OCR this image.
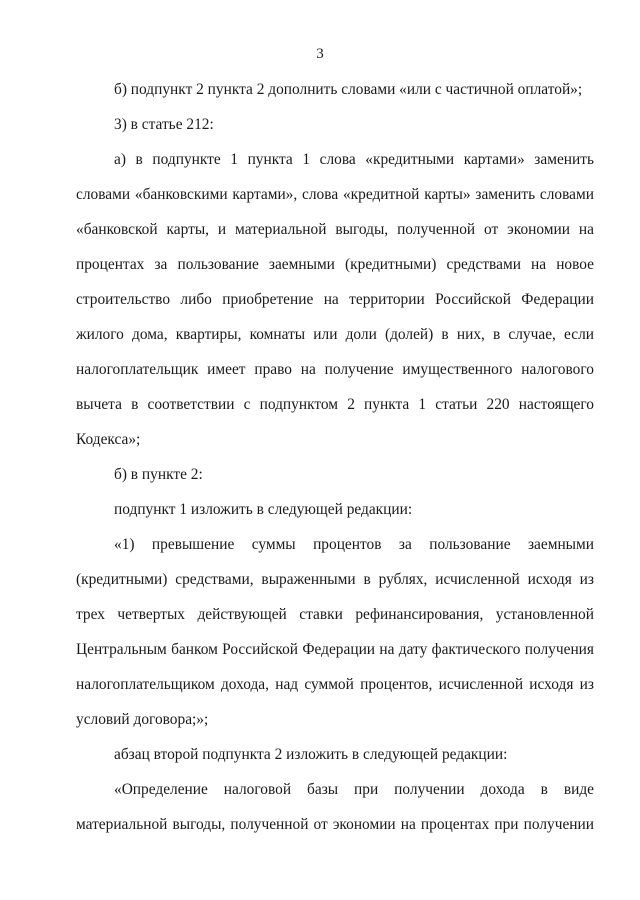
3

б) подпункт 2 пункта 2 дополнить словами «или с частичной оплатой»;

3) в статье 212:

а) в подпункте 1 пункта 1 слова «кредитными картами» заменить словами «банковскими картами», слова «кредитной карты» заменить словами «банковской карты, и материальной выгоды, полученной от экономии на процентах за пользование заемными (кредитными) средствами на новое строительство либо приобретение на территории Российской Федерации жилого дома, квартиры, комнаты или доли (долей) в них, в случае, если налогоплательщик имеет право на получение имущественного налогового вычета в соответствии с подпунктом 2 пункта 1 статьи 220 настоящего Кодекса»;

б) в пункте 2:

подпункт 1 изложить в следующей редакции:

«1) превышение суммы процентов за пользование заемными (кредитными) средствами, выраженными в рублях, исчисленной исходя из трех четвертых действующей ставки рефинансирования, установленной Центральным банком Российской Федерации на дату фактического получения налогоплательщиком дохода, над суммой процентов, исчисленной исходя из условий договора;»;

абзац второй подпункта 2 изложить в следующей редакции:

«Определение налоговой базы при получении дохода в виде материальной выгоды, полученной от экономии на процентах при получении
